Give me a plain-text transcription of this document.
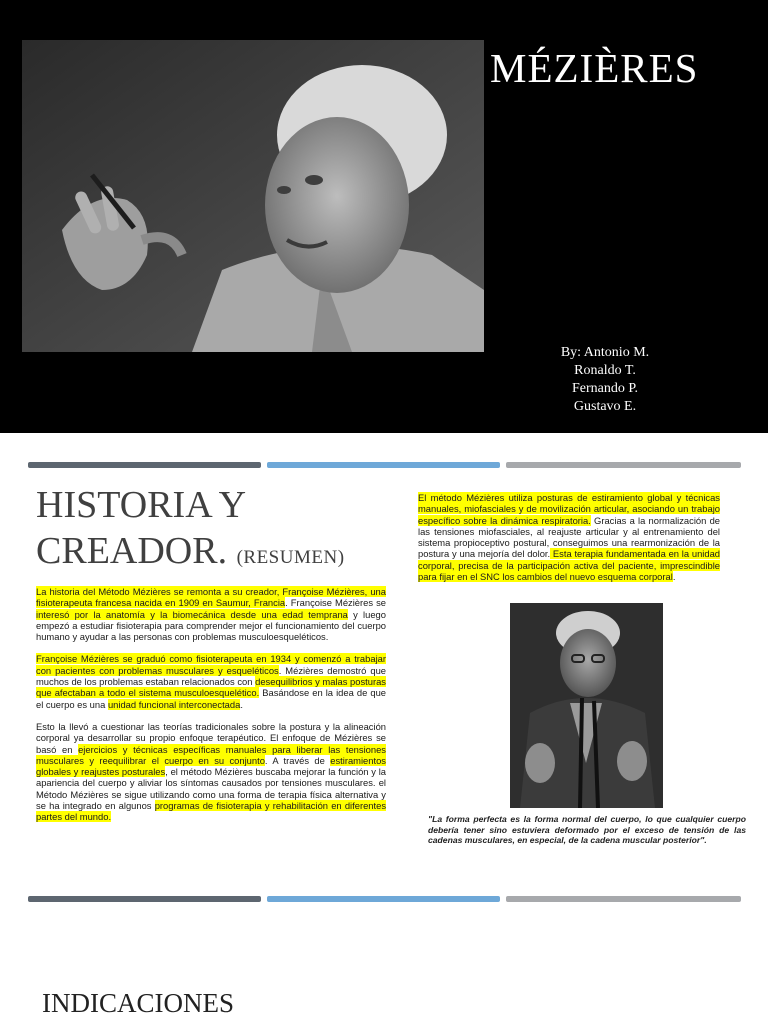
MÉZIÈRES
By: Antonio M.
Ronaldo T.
Fernando P.
Gustavo E.
HISTORIA Y
CREADOR. (RESUMEN)

La historia del Método Mézières se remonta a su creador, Françoise Mézières, una fisioterapeuta francesa nacida en 1909 en Saumur, Francia. Françoise Mézières se interesó por la anatomía y la biomecánica desde una edad temprana y luego empezó a estudiar fisioterapia para comprender mejor el funcionamiento del cuerpo humano y ayudar a las personas con problemas musculoesqueléticos.

Françoise Mézières se graduó como fisioterapeuta en 1934 y comenzó a trabajar con pacientes con problemas musculares y esqueléticos. Mézières demostró que muchos de los problemas estaban relacionados con desequilibrios y malas posturas que afectaban a todo el sistema musculoesquelético. Basándose en la idea de que el cuerpo es una unidad funcional interconectada.

Esto la llevó a cuestionar las teorías tradicionales sobre la postura y la alineación corporal ya desarrollar su propio enfoque terapéutico. El enfoque de Mézières se basó en ejercicios y técnicas específicas manuales para liberar las tensiones musculares y reequilibrar el cuerpo en su conjunto. A través de estiramientos globales y reajustes posturales, el método Mézières buscaba mejorar la función y la apariencia del cuerpo y aliviar los síntomas causados por tensiones musculares. el Método Mézières se sigue utilizando como una forma de terapia física alternativa y se ha integrado en algunos programas de fisioterapia y rehabilitación en diferentes partes del mundo.

El método Mézières utiliza posturas de estiramiento global y técnicas manuales, miofasciales y de movilización articular, asociando un trabajo específico sobre la dinámica respiratoria. Gracias a la normalización de las tensiones miofasciales, al reajuste articular y al entrenamiento del sistema propioceptivo postural, conseguimos una rearmonización de la postura y una mejoría del dolor. Esta terapia fundamentada en la unidad corporal, precisa de la participación activa del paciente, imprescindible para fijar en el SNC los cambios del nuevo esquema corporal.
"La forma perfecta es la forma normal del cuerpo, lo que cualquier cuerpo debería tener sino estuviera deformado por el exceso de tensión de las cadenas musculares, en especial, de la cadena muscular posterior".
INDICACIONES
